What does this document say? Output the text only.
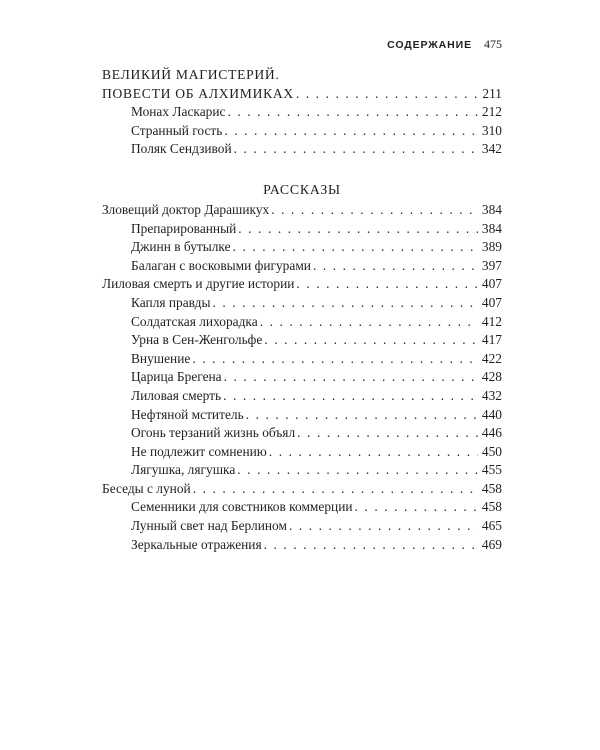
СОДЕРЖАНИЕ 475
ВЕЛИКИЙ МАГИСТЕРИЙ.
ПОВЕСТИ ОБ АЛХИМИКАХ . . .	211
Монах Ласкарис . . .	212
Странный гость . . .	310
Поляк Сендзивой . . .	342
РАССКАЗЫ
Зловещий доктор Дарашикух . . .	384
Препарированный . . .	384
Джинн в бутылке . . .	389
Балаган с восковыми фигурами . . .	397
Лиловая смерть и другие истории . . .	407
Капля правды . . .	407
Солдатская лихорадка . . .	412
Урна в Сен-Женгольфе . . .	417
Внушение . . .	422
Царица Брегена . . .	428
Лиловая смерть . . .	432
Нефтяной мститель . . .	440
Огонь терзаний жизнь объял . . .	446
Не подлежит сомнению . . .	450
Лягушка, лягушка . . .	455
Беседы с луной . . .	458
Семенники для совстников коммерции . . .	458
Лунный свет над Берлином . . .	465
Зеркальные отражения . . .	469
